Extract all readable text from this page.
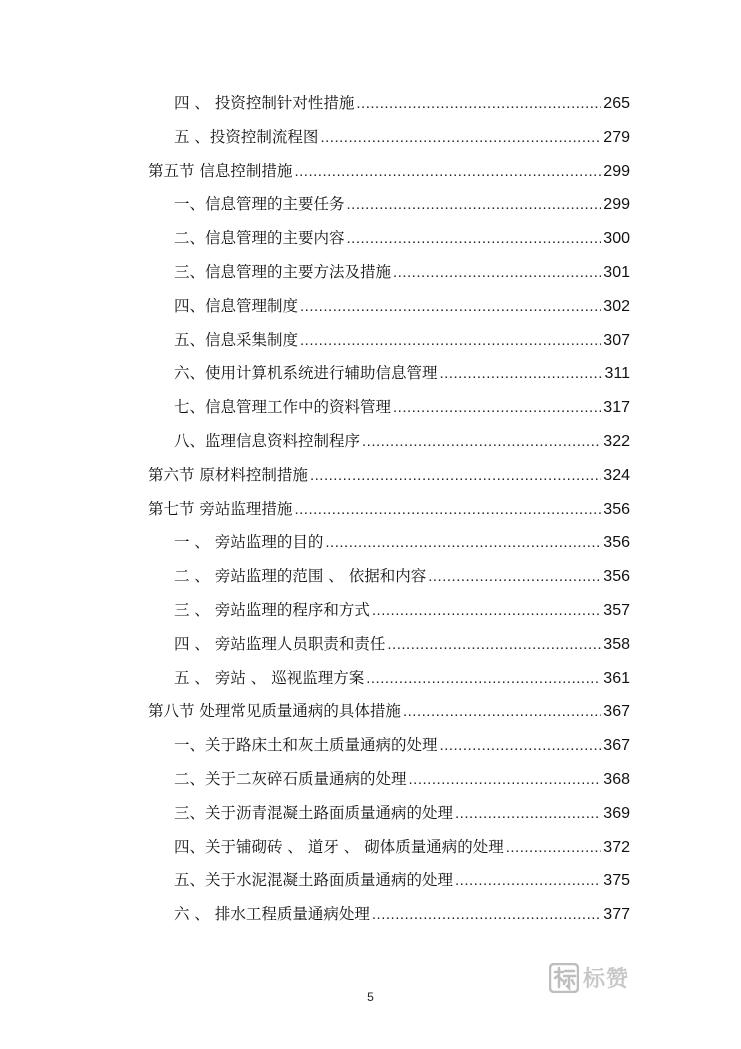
四 、 投资控制针对性措施 .....	265
五 、投资控制流程图 .....	279
第五节 信息控制措施 .....	299
一、信息管理的主要任务 .....	299
二、信息管理的主要内容 .....	300
三、信息管理的主要方法及措施 .....	301
四、信息管理制度 .....	302
五、信息采集制度 .....	307
六、使用计算机系统进行辅助信息管理 .....	311
七、信息管理工作中的资料管理 .....	317
八、监理信息资料控制程序 .....	322
第六节 原材料控制措施 .....	324
第七节 旁站监理措施 .....	356
一 、 旁站监理的目的 .....	356
二 、 旁站监理的范围 、 依据和内容 .....	356
三 、 旁站监理的程序和方式 .....	357
四 、 旁站监理人员职责和责任 .....	358
五 、 旁站 、 巡视监理方案 .....	361
第八节 处理常见质量通病的具体措施 .....	367
一、关于路床土和灰土质量通病的处理 .....	367
二、关于二灰碎石质量通病的处理 .....	368
三、关于沥青混凝土路面质量通病的处理 .....	369
四、关于铺砌砖 、 道牙 、 砌体质量通病的处理 .....	372
五、关于水泥混凝土路面质量通病的处理 .....	375
六 、 排水工程质量通病处理 .....	377
5
标赞
